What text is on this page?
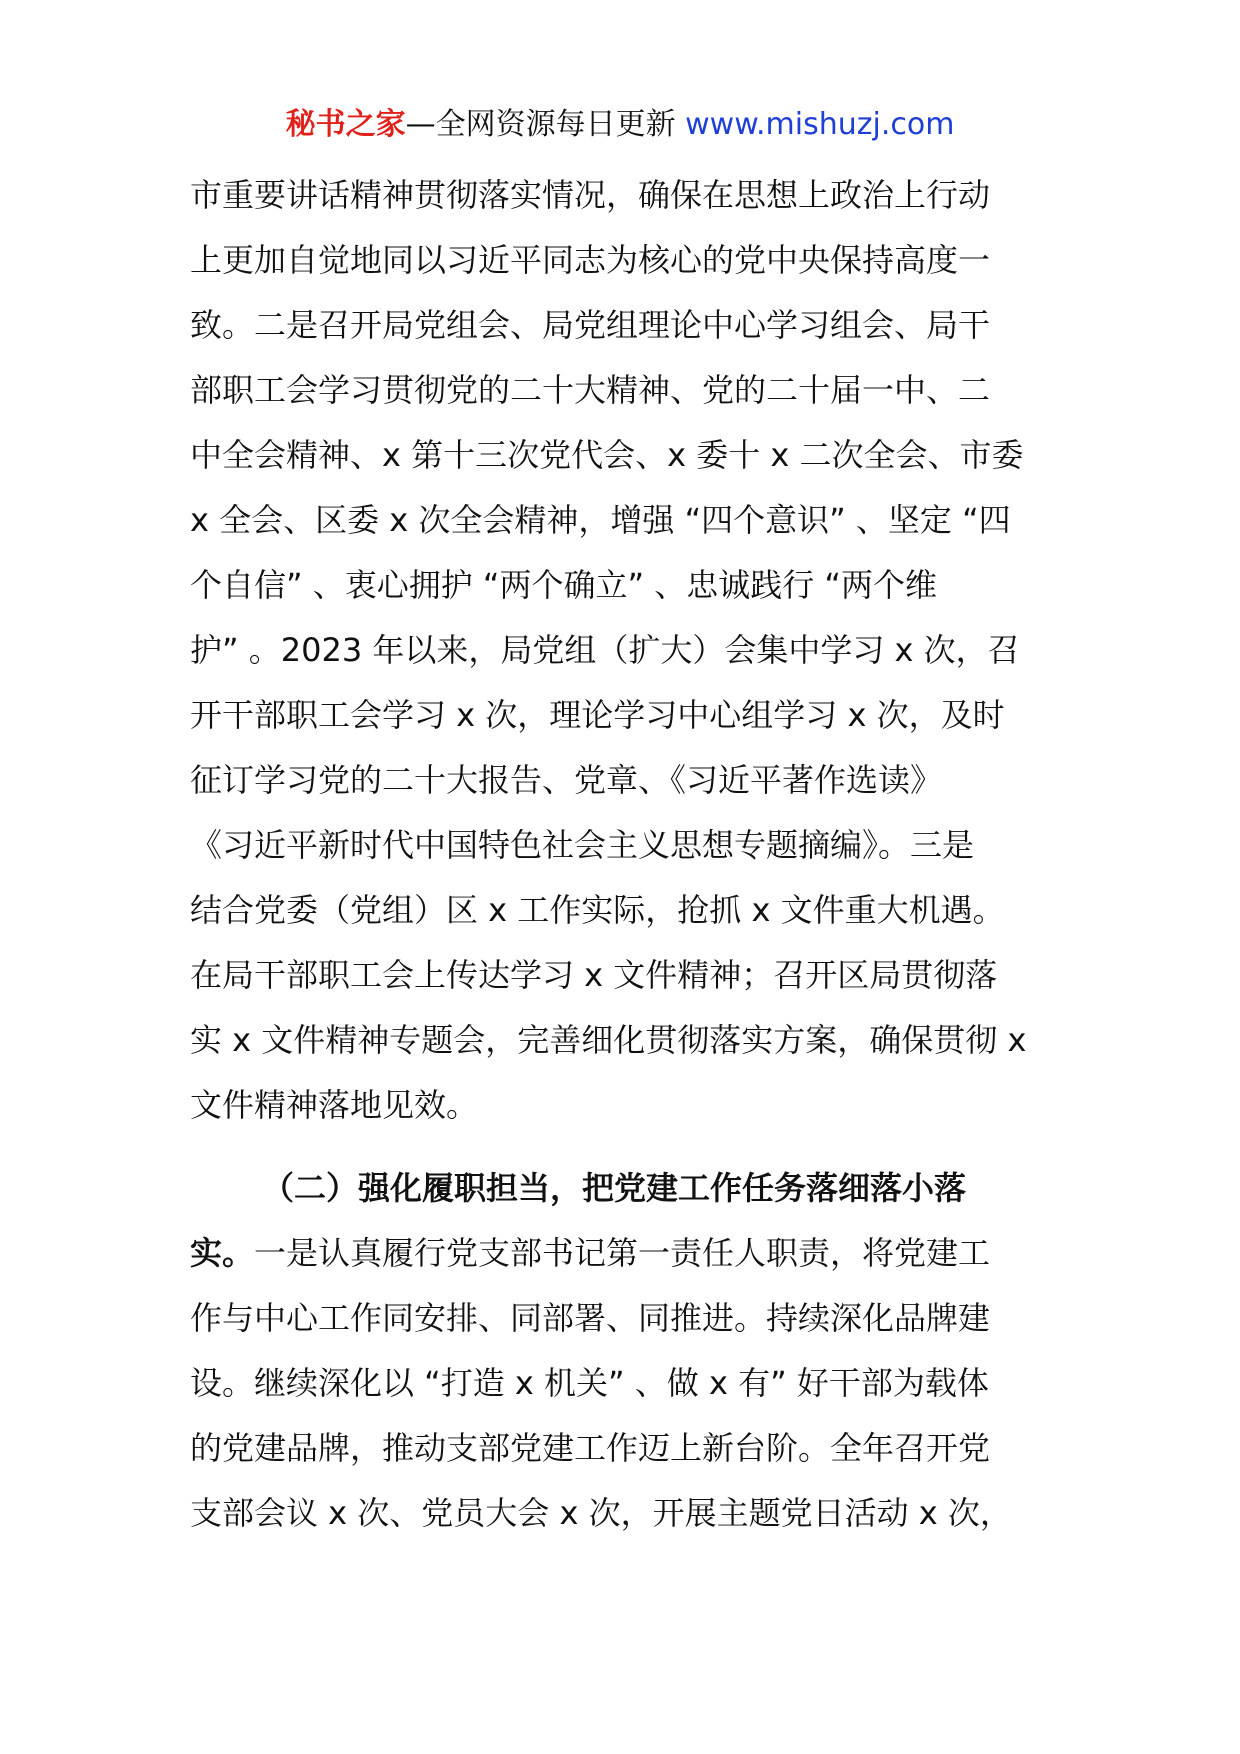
秘书之家—全网资源每日更新 www.mishuzj.com
市重要讲话精神贯彻落实情况，确保在思想上政治上行动
上更加自觉地同以习近平同志为核心的党中央保持高度一
致。二是召开局党组会、局党组理论中心学习组会、局干
部职工会学习贯彻党的二十大精神、党的二十届一中、二
中全会精神、x 第十三次党代会、x 委十 x 二次全会、市委
x 全会、区委 x 次全会精神，增强 “四个意识” 、坚定 “四
个自信” 、衷心拥护 “两个确立” 、忠诚践行 “两个维
护” 。2023 年以来，局党组（扩大）会集中学习 x 次，召
开干部职工会学习 x 次，理论学习中心组学习 x 次，及时
征订学习党的二十大报告、党章、《习近平著作选读》
《习近平新时代中国特色社会主义思想专题摘编》。三是
结合党委（党组）区 x 工作实际，抢抓 x 文件重大机遇。
在局干部职工会上传达学习 x 文件精神；召开区局贯彻落
实 x 文件精神专题会，完善细化贯彻落实方案，确保贯彻 x
文件精神落地见效。
（二）强化履职担当，把党建工作任务落细落小落
实。一是认真履行党支部书记第一责任人职责，将党建工
作与中心工作同安排、同部署、同推进。持续深化品牌建
设。继续深化以 “打造 x 机关” 、做 x 有” 好干部为载体
的党建品牌，推动支部党建工作迈上新台阶。全年召开党
支部会议 x 次、党员大会 x 次，开展主题党日活动 x 次，
